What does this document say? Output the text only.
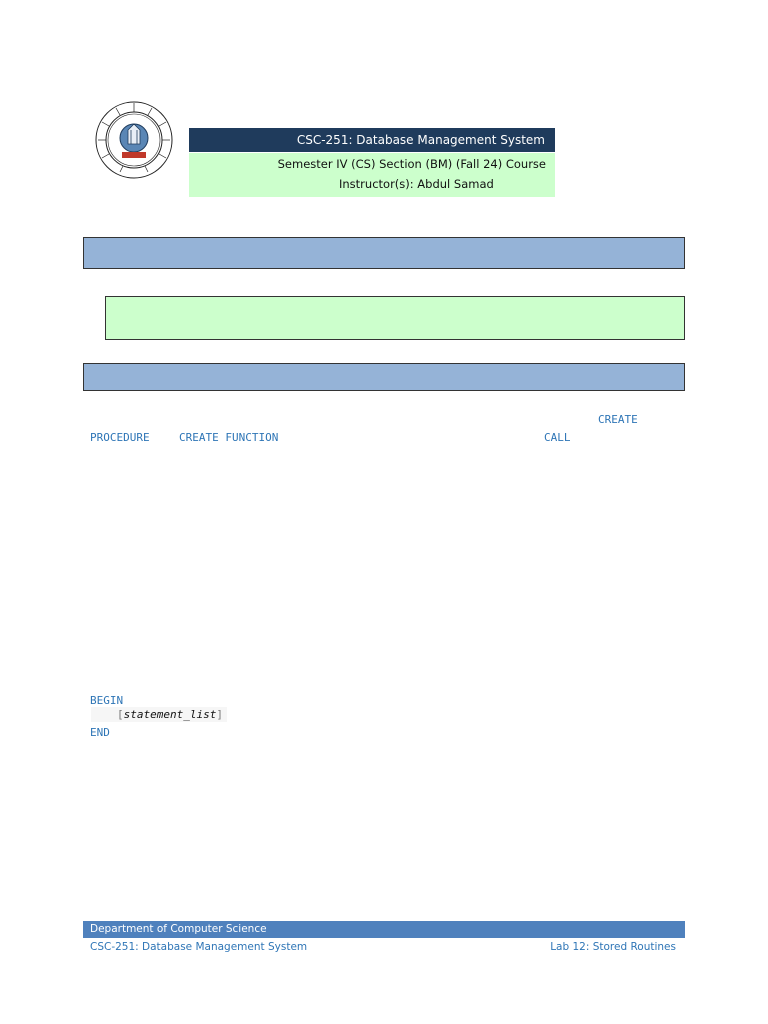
CSC-251: Database Management System
Semester IV (CS) Section (BM) (Fall 24) Course
Instructor(s): Abdul Samad
CREATE
PROCEDURE	CREATE FUNCTION	CALL
BEGIN
[statement_list]
END
Department of Computer Science
CSC-251: Database Management System	Lab 12: Stored Routines
